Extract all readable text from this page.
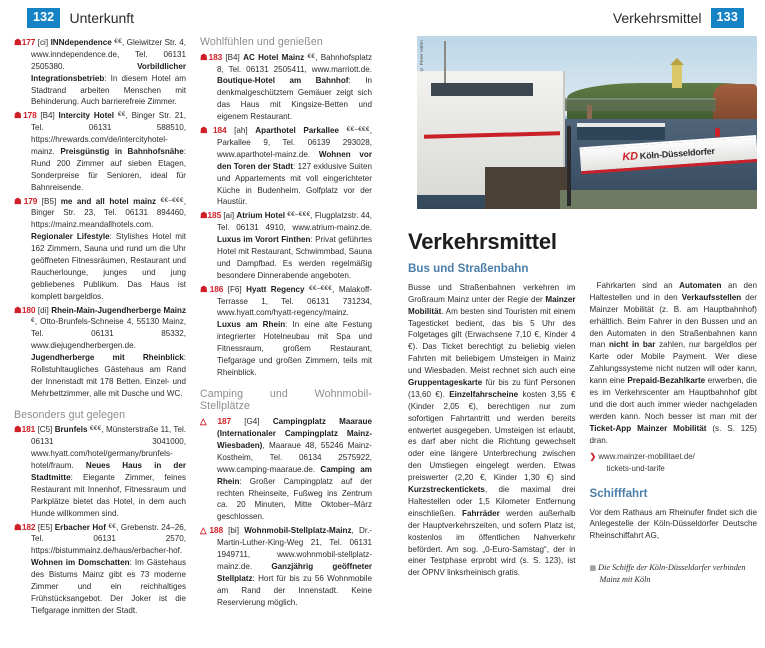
132	Unterkunft
☗177 [ci] INNdependence €€, Gleiwitzer Str. 4, www.inndependence.de, Tel. 06131 2505380. Vorbildlicher Integrationsbetrieb: In diesem Hotel am Stadtrand arbeiten Menschen mit Behinderung. Auch barrierefreie Zimmer.
☗178 [B4] Intercity Hotel €€, Binger Str. 21, Tel. 06131 588510, https://hrewards.com/de/intercityhotel-mainz. Preisgünstig in Bahnhofsnähe: Rund 200 Zimmer auf sieben Etagen, Sonderpreise für Senioren, ideal für Bahnreisende.
☗179 [B5] me and all hotel mainz €€–€€€, Binger Str. 23, Tel. 06131 894460, https://mainz.meandallhotels.com. Regionaler Lifestyle: Stylishes Hotel mit 162 Zimmern, Sauna und rund um die Uhr geöffneten Fitnessräumen, Restaurant und Raucherlounge, junges und jung gebliebenes Publikum. Das Haus ist komplett bargeldlos.
☗180 [di] Rhein-Main-Jugendherberge Mainz €, Otto-Brunfels-Schneise 4, 55130 Mainz, Tel. 06131 85332, www.diejugendherbergen.de. Jugendherberge mit Rheinblick: Rollstuhltaugliches Gästehaus am Rand der Innenstadt mit 178 Betten. Einzel- und Mehrbettzimmer, alle mit Dusche und WC.
Besonders gut gelegen
☗181 [C5] Brunfels €€€, Münsterstraße 11, Tel. 06131 3041000, www.hyatt.com/hotel/germany/brunfels-hotel/fraum. Neues Haus in der Stadtmitte: Elegante Zimmer, feines Restaurant mit Innenhof, Fitnessraum und Parkplätze bietet das Hotel, in dem auch Hunde willkommen sind.
☗182 [E5] Erbacher Hof €€, Grebenstr. 24–26, Tel. 06131 2570, https://bistummainz.de/haus/erbacher-hof. Wohnen im Domschatten: Im Gästehaus des Bistums Mainz gibt es 73 moderne Zimmer und ein reichhaltiges Frühstücksangebot. Der Joker ist die Tiefgarage inmitten der Stadt.
Wohlfühlen und genießen
☗183 [B4] AC Hotel Mainz €€, Bahnhofsplatz 8, Tel. 06131 2505411, www.marriott.de. Boutique-Hotel am Bahnhof: In denkmalgeschütztem Gemäuer zeigt sich das Haus mit Kingsize-Betten und eigenem Restaurant.
☗184 [ah] Aparthotel Parkallee €€–€€€, Parkallee 9, Tel. 06139 293028, www.aparthotel-mainz.de. Wohnen vor den Toren der Stadt: 127 exklusive Suiten und Appartements mit voll eingerichteter Küche in Budenheim. Golfplatz vor der Haustür.
☗185 [ai] Atrium Hotel €€–€€€, Flugplatzstr. 44, Tel. 06131 4910, www.atrium-mainz.de. Luxus im Vorort Finthen: Privat geführtes Hotel mit Restaurant, Schwimmbad, Sauna und Dampfbad. Es werden regelmäßig besondere Dinnerabende angeboten.
☗186 [F6] Hyatt Regency €€–€€€, Malakoff-Terrasse 1, Tel. 06131 731234, www.hyatt.com/hyatt-regency/mainz. Luxus am Rhein: In eine alte Festung integrierter Hotelneubau mit Spa und Fitnessraum, großem Restaurant, Tiefgarage und großen Zimmern, teils mit Rheinblick.
Camping und Wohnmobil-Stellplätze
△187 [G4] Campingplatz Maaraue (Internationaler Campingplatz Mainz-Wiesbaden), Maaraue 48, 55246 Mainz-Kostheim, Tel. 06134 2575922, www.camping-maaraue.de. Camping am Rhein: Großer Campingplatz auf der rechten Rheinseite, Fußweg ins Zentrum ca. 20 Minuten, Mitte Oktober–März geschlossen.
△188 [bi] Wohnmobil-Stellplatz-Mainz, Dr.-Martin-Luther-King-Weg 21, Tel. 06131 1949711, www.wohnmobil-stellplatz-mainz.de. Ganzjährig geöffneter Stellplatz: Hort für bis zu 56 Wohnmobile am Rand der Innenstadt. Keine Reservierung möglich.
Verkehrsmittel	133
KDKöln-Düsseldorfer
© Peter Höhn
Verkehrsmittel
Bus und Straßenbahn

Busse und Straßenbahnen verkehren im Großraum Mainz unter der Regie der Mainzer Mobilität. Am besten sind Touristen mit einem Tagesticket bedient, das bis 5 Uhr des Folgetages gilt (Erwachsene 7,10 €, Kinder 4 €). Das Ticket berechtigt zu beliebig vielen Fahrten mit beliebigem Umsteigen in Mainz und Wiesbaden. Meist rechnet sich auch eine Gruppentageskarte für bis zu fünf Personen (13,60 €). Einzelfahrscheine kosten 3,55 € (Kinder 2,05 €), berechtigen nur zum sofortigen Fahrtantritt und werden bereits entwertet ausgegeben. Umsteigen ist erlaubt, es darf aber nicht die Richtung gewechselt oder eine längere Unterbrechung zwischen den Umstiegen eingelegt werden. Etwas preiswerter (2,20 €, Kinder 1,30 €) sind Kurzstreckentickets, die maximal drei Haltestellen oder 1,5 Kilometer Entfernung einschließen. Fahrräder werden außerhalb der Hauptverkehrszeiten, und sofern Platz ist, kostenlos im öffentlichen Nahverkehr befördert. Am sog. „0-Euro-Samstag“, der in einer Testphase erprobt wird (s. S. 123), ist der ÖPNV linksrheinisch gratis.

Fahrkarten sind an Automaten an den Haltestellen und in den Verkaufsstellen der Mainzer Mobilität (z. B. am Hauptbahnhof) erhältlich. Beim Fahrer in den Bussen und an den Automaten in den Straßenbahnen kann man nicht in bar zahlen, nur bargeldlos per Karte oder Mobile Payment. Wer diese Zahlungssysteme nicht nutzen will oder kann, kann eine Prepaid-Bezahlkarte erwerben, die es im Verkehrscenter am Hauptbahnhof gibt und die dort auch immer wieder nachgeladen werden kann. Noch besser ist man mit der Ticket-App Mainzer Mobilität (s. S. 125) dran.

❯ www.mainzer-mobilitaet.de/
tickets-und-tarife
Schifffahrt

Vor dem Rathaus am Rheinufer findet sich die Anlegestelle der Köln-Düsseldorfer Deutsche Rheinschiffahrt AG,

▦ Die Schiffe der Köln-Düsseldorfer verbinden Mainz mit Köln
